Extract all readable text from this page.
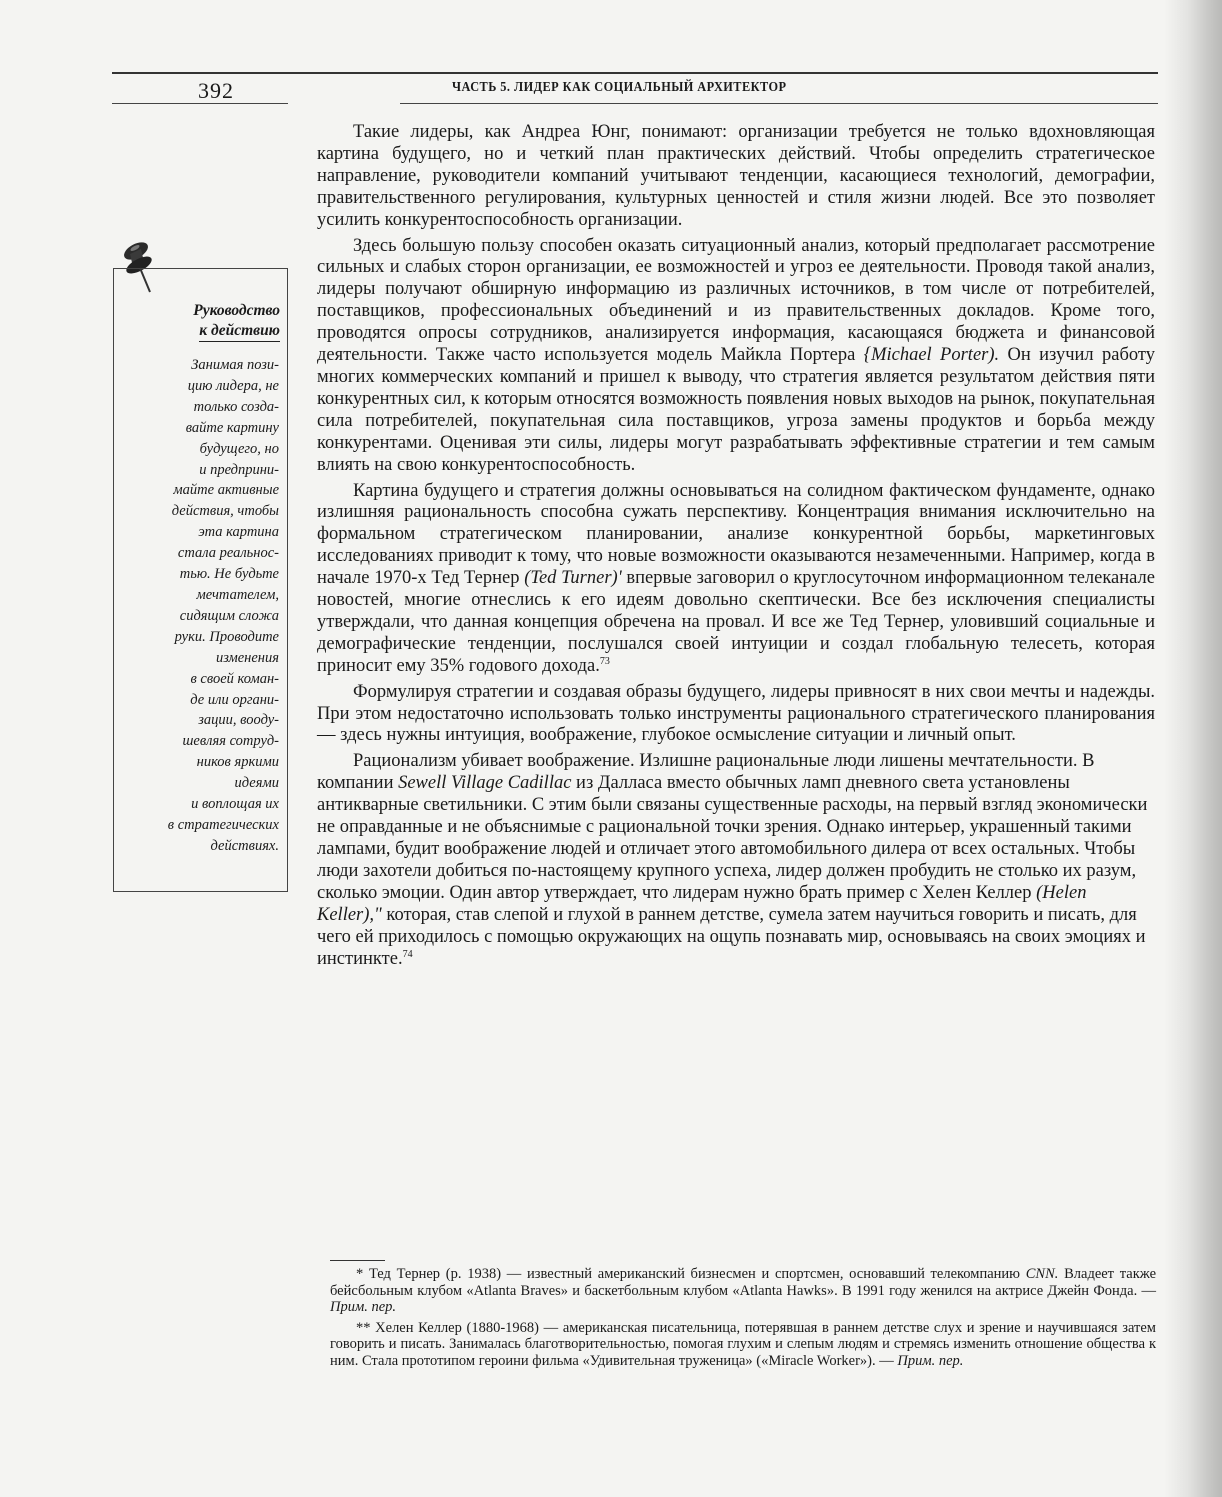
392	ЧАСТЬ 5. ЛИДЕР КАК СОЦИАЛЬНЫЙ АРХИТЕКТОР
Руководство
к действию
Занимая пози-
цию лидера, не
только созда-
вайте картину
будущего, но
и предприни-
майте активные
действия, чтобы
эта картина
стала реальнос-
тью. Не будьте
мечтателем,
сидящим сложа
руки. Проводите
изменения
в своей коман-
де или органи-
зации, вооду-
шевляя сотруд-
ников яркими
идеями
и воплощая их
в стратегических
действиях.

Такие лидеры, как Андреа Юнг, понимают: организации требуется не только вдохновляющая картина будущего, но и четкий план практических действий. Чтобы определить стратегическое направление, руководители компаний учитывают тенденции, касающиеся технологий, демографии, правительственного регулирования, культурных ценностей и стиля жизни людей. Все это позволяет усилить конкурентоспособность организации.

Здесь большую пользу способен оказать ситуационный анализ, который предполагает рассмотрение сильных и слабых сторон организации, ее возможностей и угроз ее деятельности. Проводя такой анализ, лидеры получают обширную информацию из различных источников, в том числе от потребителей, поставщиков, профессиональных объединений и из правительственных докладов. Кроме того, проводятся опросы сотрудников, анализируется информация, касающаяся бюджета и финансовой деятельности. Также часто используется модель Майкла Портера {Michael Porter). Он изучил работу многих коммерческих компаний и пришел к выводу, что стратегия является результатом действия пяти конкурентных сил, к которым относятся возможность появления новых выходов на рынок, покупательная сила потребителей, покупательная сила поставщиков, угроза замены продуктов и борьба между конкурентами. Оценивая эти силы, лидеры могут разрабатывать эффективные стратегии и тем самым влиять на свою конкурентоспособность.

Картина будущего и стратегия должны основываться на солидном фактическом фундаменте, однако излишняя рациональность способна сужать перспективу. Концентрация внимания исключительно на формальном стратегическом планировании, анализе конкурентной борьбы, маркетинговых исследованиях приводит к тому, что новые возможности оказываются незамеченными. Например, когда в начале 1970-х Тед Тернер (Ted Turner)' впервые заговорил о круглосуточном информационном телеканале новостей, многие отнеслись к его идеям довольно скептически. Все без исключения специалисты утверждали, что данная концепция обречена на провал. И все же Тед Тернер, уловивший социальные и демографические тенденции, послушался своей интуиции и создал глобальную телесеть, которая приносит ему 35% годового дохода.$^{73}$

Формулируя стратегии и создавая образы будущего, лидеры привносят в них свои мечты и надежды. При этом недостаточно использовать только инструменты рационального стратегического планирования — здесь нужны интуиция, воображение, глубокое осмысление ситуации и личный опыт.

Рационализм убивает воображение. Излишне рациональные люди лишены мечтательности. В компании Sewell Village Cadillac из Далласа вместо обычных ламп дневного света установлены антикварные светильники. С этим были связаны существенные расходы, на первый взгляд экономически не оправданные и не объяснимые с рациональной точки зрения. Однако интерьер, украшенный такими лампами, будит воображение людей и отличает этого автомобильного дилера от всех остальных. Чтобы люди захотели добиться по-настоящему крупного успеха, лидер должен пробудить не столько их разум, сколько эмоции. Один автор утверждает, что лидерам нужно брать пример с Хелен Келлер (Helen Keller)," которая, став слепой и глухой в раннем детстве, сумела затем научиться говорить и писать, для чего ей приходилось с помощью окружающих на ощупь познавать мир, основываясь на своих эмоциях и инстинкте.$^{74}$

* Тед Тернер (р. 1938) — известный американский бизнесмен и спортсмен, основавший телекомпанию CNN. Владеет также бейсбольным клубом «Atlanta Braves» и баскетбольным клубом «Atlanta Hawks». В 1991 году женился на актрисе Джейн Фонда. — Прим. пер.

** Хелен Келлер (1880-1968) — американская писательница, потерявшая в раннем детстве слух и зрение и научившаяся затем говорить и писать. Занималась благотворительностью, помогая глухим и слепым людям и стремясь изменить отношение общества к ним. Стала прототипом героини фильма «Удивительная труженица» («Miracle Worker»). — Прим. пер.
